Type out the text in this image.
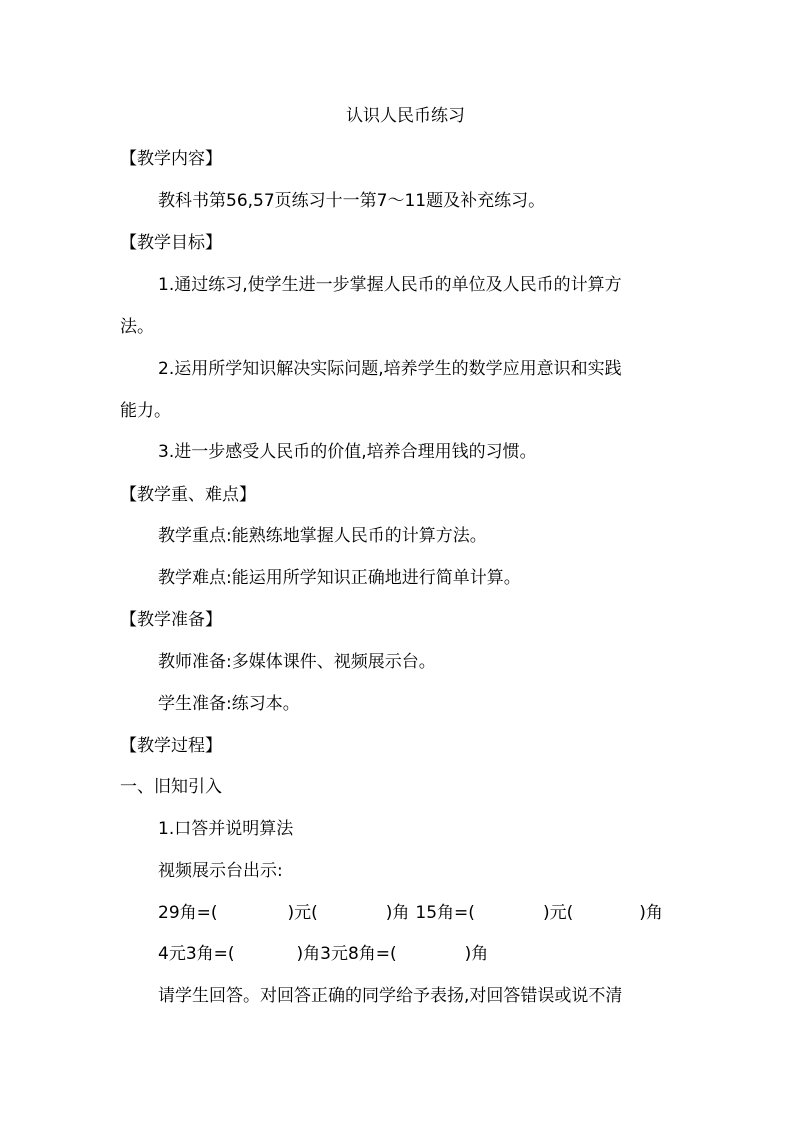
认识人民币练习
【教学内容】
教科书第56,57页练习十一第7～11题及补充练习。
【教学目标】
1.通过练习,使学生进一步掌握人民币的单位及人民币的计算方
法。
2.运用所学知识解决实际问题,培养学生的数学应用意识和实践
能力。
3.进一步感受人民币的价值,培养合理用钱的习惯。
【教学重、难点】
教学重点:能熟练地掌握人民币的计算方法。
教学难点:能运用所学知识正确地进行简单计算。
【教学准备】
教师准备:多媒体课件、视频展示台。
学生准备:练习本。
【教学过程】
一、旧知引入
1.口答并说明算法
视频展示台出示:
29角=(	)元(	)角 15角=(	)元(	)角
4元3角=(	)角3元8角=(	)角
请学生回答。对回答正确的同学给予表扬,对回答错误或说不清
